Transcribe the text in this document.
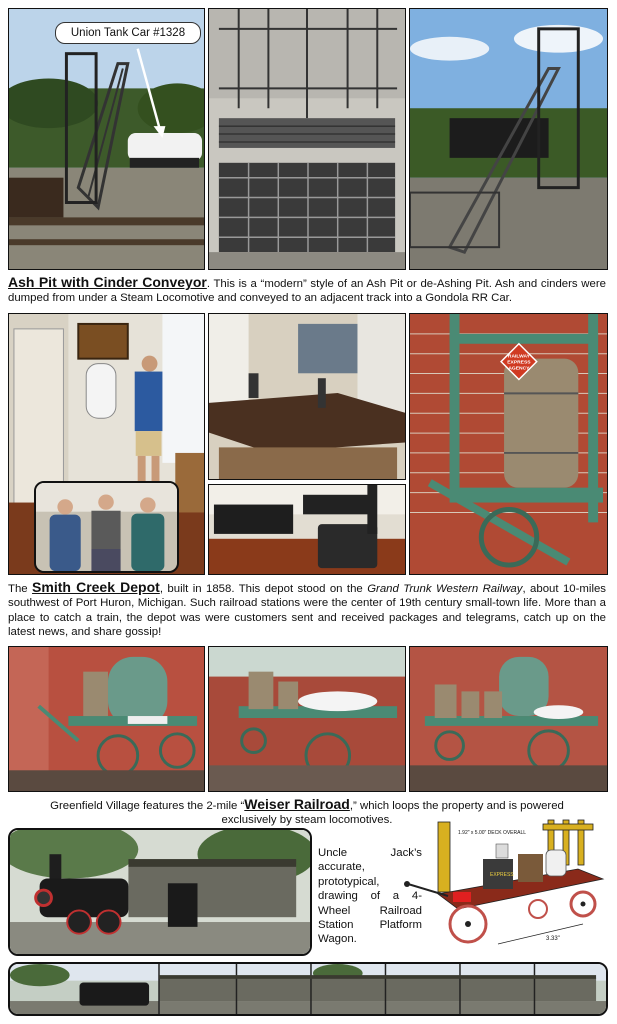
Union Tank Car #1328
Ash Pit with Cinder Conveyor. This is a “modern” style of an Ash Pit or de-Ashing Pit. Ash and cinders were dumped from under a Steam Locomotive and conveyed to an adjacent track into a Gondola RR Car.
RAILWAY
EXPRESS
AGENCY
The Smith Creek Depot, built in 1858. This depot stood on the Grand Trunk Western Railway, about 10-miles southwest of Port Huron, Michigan. Such railroad stations were the center of 19th century small-town life. More than a place to catch a train, the depot was were customers sent and received packages and telegrams, catch up on the latest news, and share gossip!
Greenfield Village features the 2-mile “Weiser Railroad,” which loops the property and is powered exclusively by steam locomotives.
Uncle Jack’s accurate, prototypical, drawing of a 4-Wheel Railroad Station Platform Wagon.
1.92" x 5.00" DECK OVERALL
3.33"
EXPRESS
